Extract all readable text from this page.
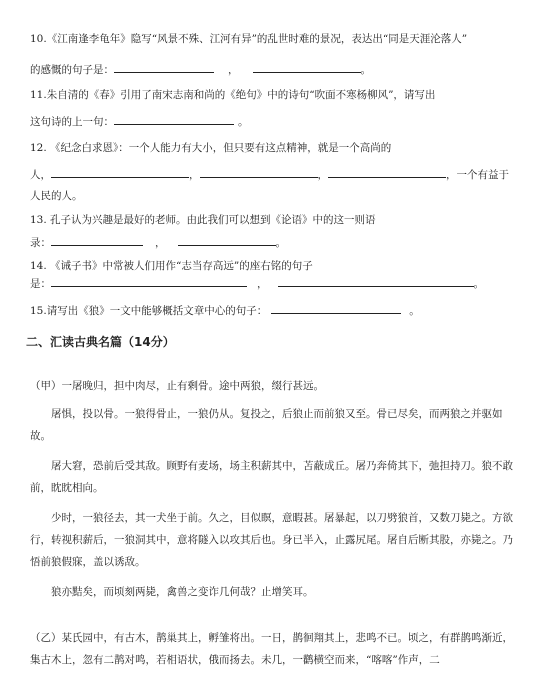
10.《江南逢李龟年》隐写“风景不殊、江河有异”的乱世时难的景况，表达出“同是天涯沦落人”
的感慨的句子是：	，	。
11.朱自清的《春》引用了南宋志南和尚的《绝句》中的诗句“吹面不寒杨柳风”，请写出
这句诗的上一句：	。
12. 《纪念白求恩》：一个人能力有大小，但只要有这点精神，就是一个高尚的
人，	，	，	，一个有益于
人民的人。
13. 孔子认为兴趣是最好的老师。由此我们可以想到《论语》中的这一则语
录：	，	。
14. 《诫子书》中常被人们用作“志当存高远”的座右铭的句子
是：	，	。
15.请写出《狼》一文中能够概括文章中心的句子：	。
二、汇读古典名篇（14分）
（甲）一屠晚归，担中肉尽，止有剩骨。途中两狼，缀行甚远。
屠惧，投以骨。一狼得骨止，一狼仍从。复投之，后狼止而前狼又至。骨已尽矣，而两狼之并驱如故。
屠大窘，恐前后受其敌。顾野有麦场，场主积薪其中，苫蔽成丘。屠乃奔倚其下，弛担持刀。狼不敢前，眈眈相向。
少时，一狼径去，其一犬坐于前。久之，目似瞑，意暇甚。屠暴起，以刀劈狼首，又数刀毙之。方欲行，转视积薪后，一狼洞其中，意将隧入以攻其后也。身已半入，止露尻尾。屠自后断其股，亦毙之。乃悟前狼假寐，盖以诱敌。
狼亦黠矣，而顷刻两毙，禽兽之变诈几何哉？止增笑耳。
（乙）某氏园中，有古木，鹊巢其上，孵雏将出。一日，鹊徊翔其上，悲鸣不已。顷之，有群鹊鸣渐近，集古木上，忽有二鹊对鸣，若相语状，俄而扬去。未几，一鹳横空而来，“喀喀”作声，二
